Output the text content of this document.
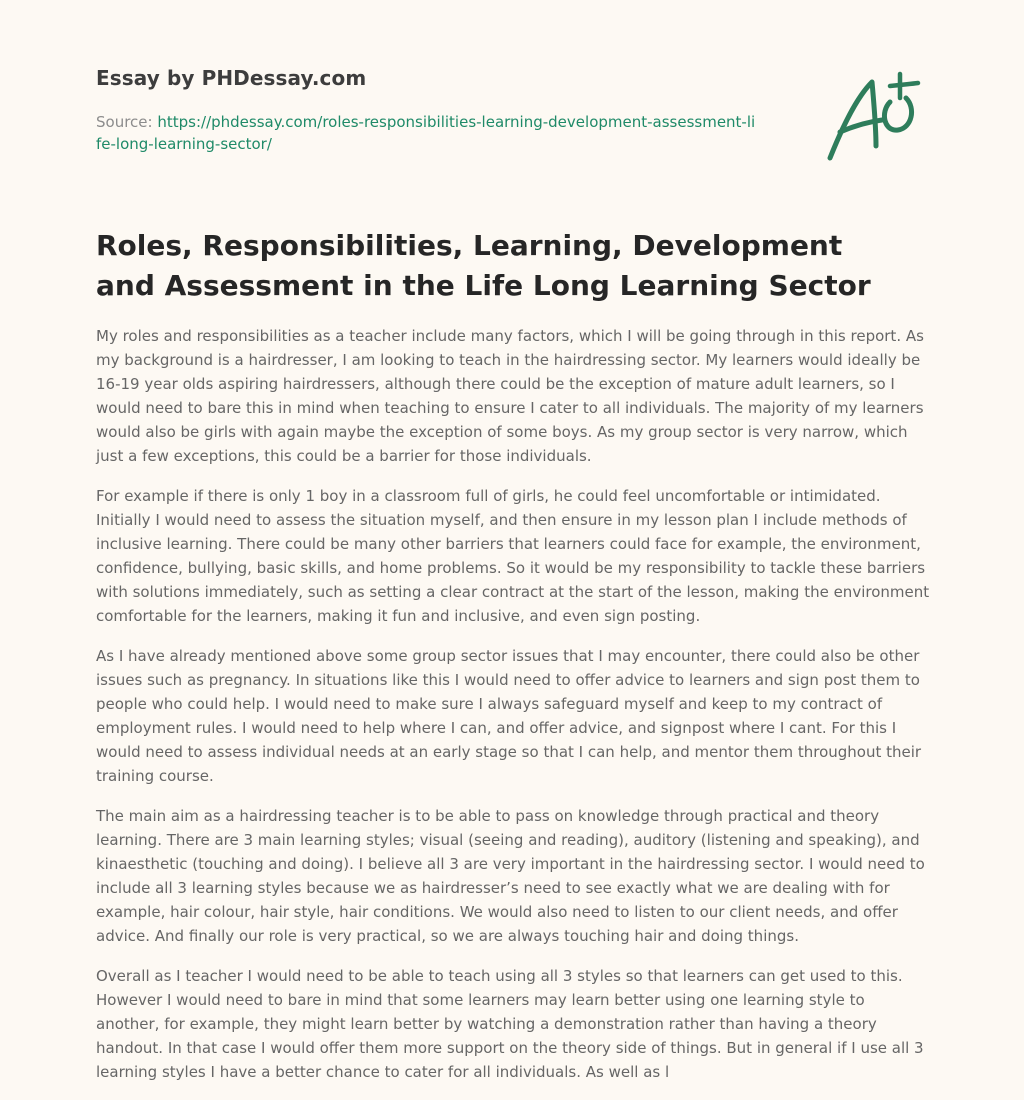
Essay by PHDessay.com
Source: https://phdessay.com/roles-responsibilities-learning-development-assessment-life-long-learning-sector/
Roles, Responsibilities, Learning, Development and Assessment in the Life Long Learning Sector

My roles and responsibilities as a teacher include many factors, which I will be going through in this report. As my background is a hairdresser, I am looking to teach in the hairdressing sector. My learners would ideally be 16-19 year olds aspiring hairdressers, although there could be the exception of mature adult learners, so I would need to bare this in mind when teaching to ensure I cater to all individuals. The majority of my learners would also be girls with again maybe the exception of some boys. As my group sector is very narrow, which just a few exceptions, this could be a barrier for those individuals.

For example if there is only 1 boy in a classroom full of girls, he could feel uncomfortable or intimidated. Initially I would need to assess the situation myself, and then ensure in my lesson plan I include methods of inclusive learning. There could be many other barriers that learners could face for example, the environment, confidence, bullying, basic skills, and home problems. So it would be my responsibility to tackle these barriers with solutions immediately, such as setting a clear contract at the start of the lesson, making the environment comfortable for the learners, making it fun and inclusive, and even sign posting.

As I have already mentioned above some group sector issues that I may encounter, there could also be other issues such as pregnancy. In situations like this I would need to offer advice to learners and sign post them to people who could help. I would need to make sure I always safeguard myself and keep to my contract of employment rules. I would need to help where I can, and offer advice, and signpost where I cant. For this I would need to assess individual needs at an early stage so that I can help, and mentor them throughout their training course.

The main aim as a hairdressing teacher is to be able to pass on knowledge through practical and theory learning. There are 3 main learning styles; visual (seeing and reading), auditory (listening and speaking), and kinaesthetic (touching and doing). I believe all 3 are very important in the hairdressing sector. I would need to include all 3 learning styles because we as hairdresser’s need to see exactly what we are dealing with for example, hair colour, hair style, hair conditions. We would also need to listen to our client needs, and offer advice. And finally our role is very practical, so we are always touching hair and doing things.

Overall as I teacher I would need to be able to teach using all 3 styles so that learners can get used to this. However I would need to bare in mind that some learners may learn better using one learning style to another, for example, they might learn better by watching a demonstration rather than having a theory handout. In that case I would offer them more support on the theory side of things. But in general if I use all 3 learning styles I have a better chance to cater for all individuals. As well as l
